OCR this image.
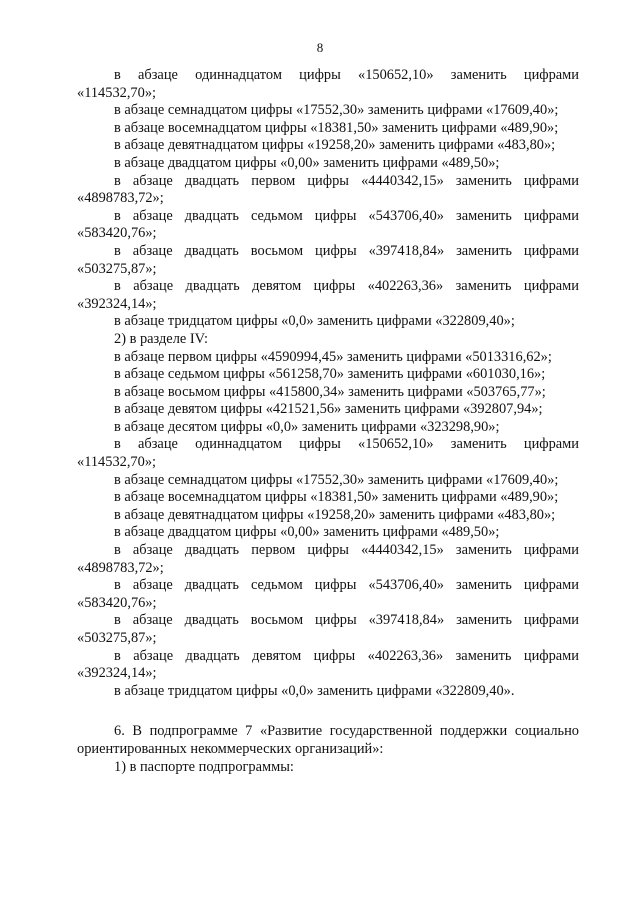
8

в абзаце одиннадцатом цифры «150652,10» заменить цифрами «114532,70»;

в абзаце семнадцатом цифры «17552,30» заменить цифрами «17609,40»;

в абзаце восемнадцатом цифры «18381,50» заменить цифрами «489,90»;

в абзаце девятнадцатом цифры «19258,20» заменить цифрами «483,80»;

в абзаце двадцатом цифры «0,00» заменить цифрами «489,50»;

в абзаце двадцать первом цифры «4440342,15» заменить цифрами «4898783,72»;

в абзаце двадцать седьмом цифры «543706,40» заменить цифрами «583420,76»;

в абзаце двадцать восьмом цифры «397418,84» заменить цифрами «503275,87»;

в абзаце двадцать девятом цифры «402263,36» заменить цифрами «392324,14»;

в абзаце тридцатом цифры «0,0» заменить цифрами «322809,40»;

2) в разделе IV:

в абзаце первом цифры «4590994,45» заменить цифрами «5013316,62»;

в абзаце седьмом цифры «561258,70» заменить цифрами «601030,16»;

в абзаце восьмом цифры «415800,34» заменить цифрами «503765,77»;

в абзаце девятом цифры «421521,56» заменить цифрами «392807,94»;

в абзаце десятом цифры «0,0» заменить цифрами «323298,90»;

в абзаце одиннадцатом цифры «150652,10» заменить цифрами «114532,70»;

в абзаце семнадцатом цифры «17552,30» заменить цифрами «17609,40»;

в абзаце восемнадцатом цифры «18381,50» заменить цифрами «489,90»;

в абзаце девятнадцатом цифры «19258,20» заменить цифрами «483,80»;

в абзаце двадцатом цифры «0,00» заменить цифрами «489,50»;

в абзаце двадцать первом цифры «4440342,15» заменить цифрами «4898783,72»;

в абзаце двадцать седьмом цифры «543706,40» заменить цифрами «583420,76»;

в абзаце двадцать восьмом цифры «397418,84» заменить цифрами «503275,87»;

в абзаце двадцать девятом цифры «402263,36» заменить цифрами «392324,14»;

в абзаце тридцатом цифры «0,0» заменить цифрами «322809,40».

6. В подпрограмме 7 «Развитие государственной поддержки социально ориентированных некоммерческих организаций»:

1) в паспорте подпрограммы:
